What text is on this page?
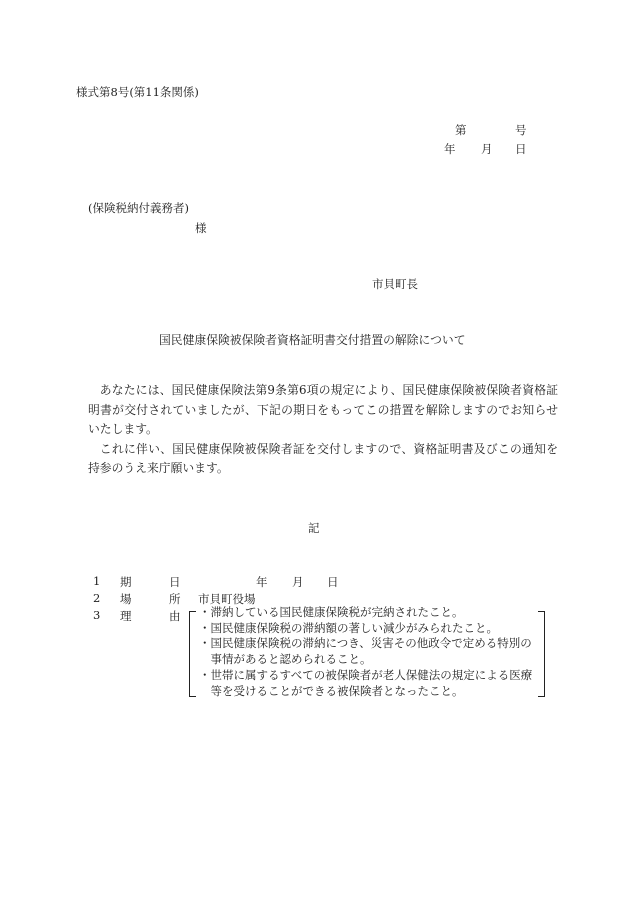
様式第8号(第11条関係)
第	号
年 月 日
(保険税納付義務者)
様
市貝町長
国民健康保険被保険者資格証明書交付措置の解除について

あなたには、国民健康保険法第9条第6項の規定により、国民健康保険被保険者資格証明書が交付されていましたが、下記の期日をもってこの措置を解除しますのでお知らせいたします。

これに伴い、国民健康保険被保険者証を交付しますので、資格証明書及びこの通知を持参のうえ来庁願います。

記
1 期	日	年 月 日
2 場	所 市貝町役場
3 理	由 ・滞納している国民健康保険税が完納されたこと。
・国民健康保険税の滞納額の著しい減少がみられたこと。
・国民健康保険税の滞納につき、災害その他政令で定める特別の
　事情があると認められること。
・世帯に属するすべての被保険者が老人保健法の規定による医療
　等を受けることができる被保険者となったこと。
